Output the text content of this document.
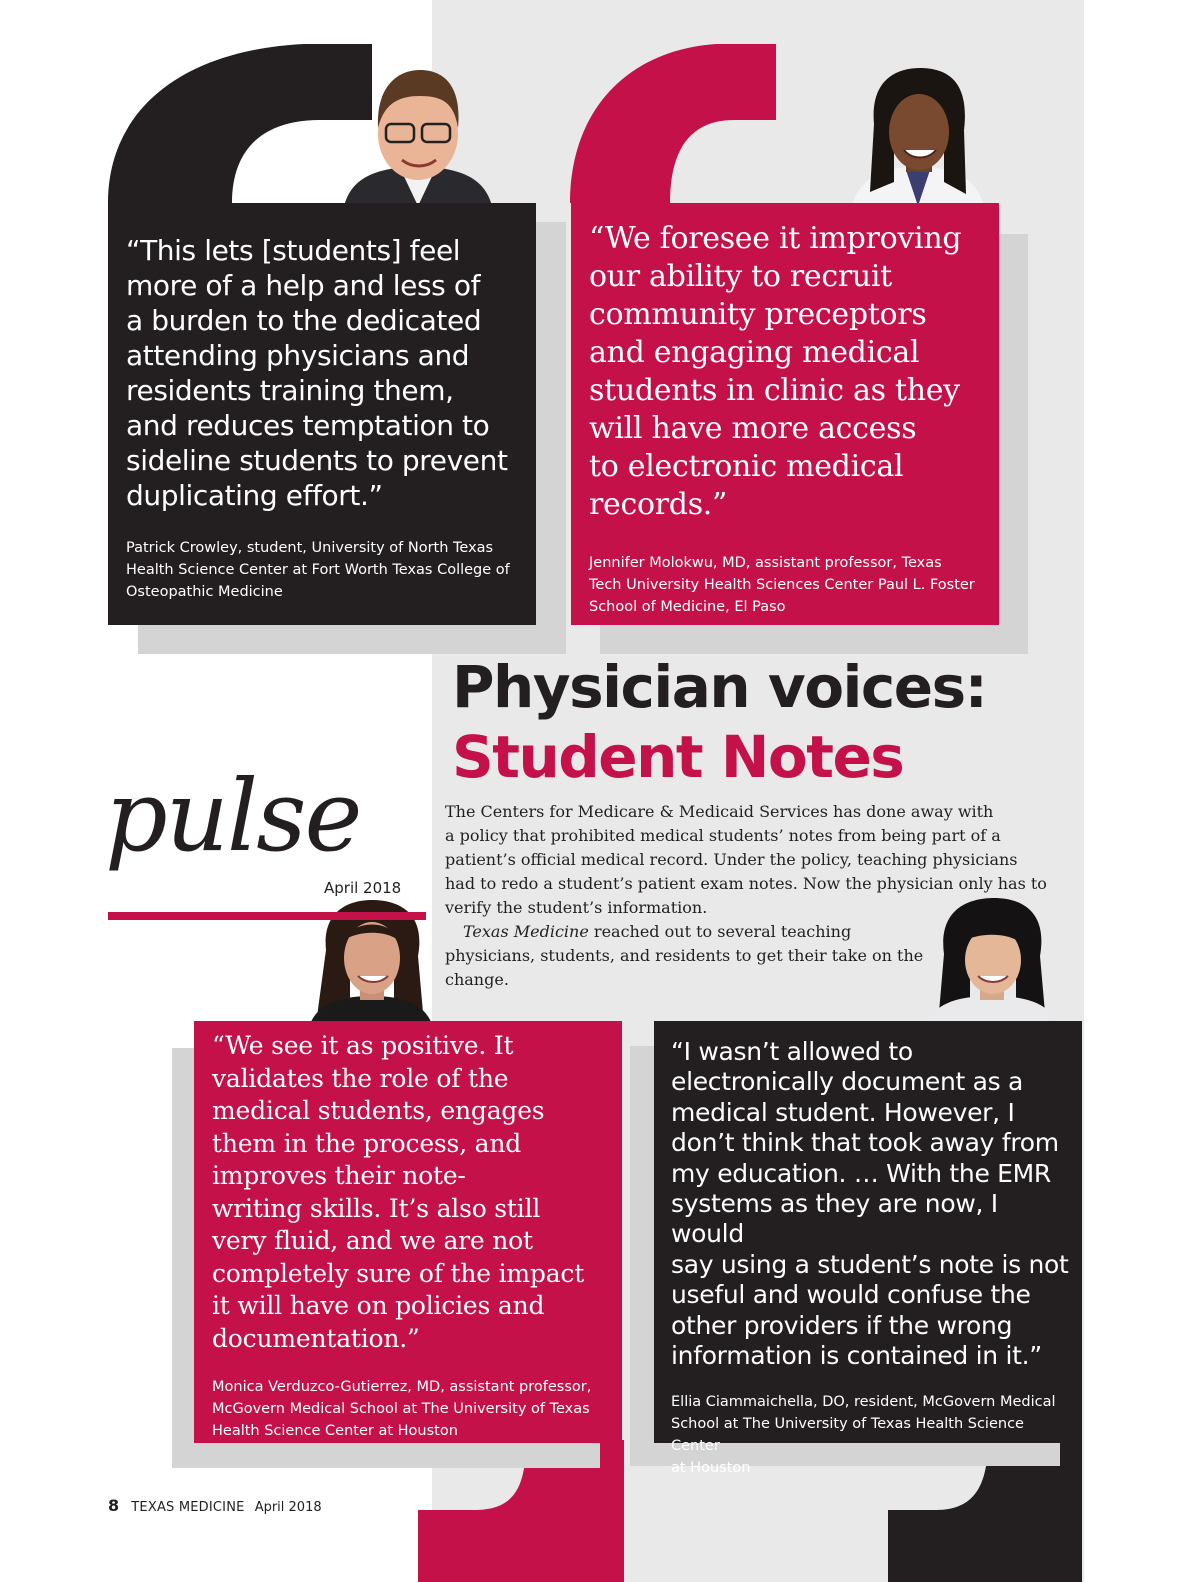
“This lets [students] feel
more of a help and less of
a burden to the dedicated
attending physicians and
residents training them,
and reduces temptation to
sideline students to prevent
duplicating effort.”

Patrick Crowley, student, University of North Texas
Health Science Center at Fort Worth Texas College of
Osteopathic Medicine

“We foresee it improving
our ability to recruit
community preceptors
and engaging medical
students in clinic as they
will have more access
to electronic medical
records.”

Jennifer Molokwu, MD, assistant professor, Texas
Tech University Health Sciences Center Paul L. Foster
School of Medicine, El Paso

Physician voices:
Student Notes
pulse
April 2018

The Centers for Medicare & Medicaid Services has done away with

a policy that prohibited medical students’ notes from being part of a

patient’s official medical record. Under the policy, teaching physicians

had to redo a student’s patient exam notes. Now the physician only has to

verify the student’s information.

Texas Medicine reached out to several teaching

physicians, students, and residents to get their take on the

change.

“We see it as positive. It
validates the role of the
medical students, engages
them in the process, and
improves their note-
writing skills. It’s also still
very fluid, and we are not
completely sure of the impact
it will have on policies and
documentation.”

Monica Verduzco-Gutierrez, MD, assistant professor,
McGovern Medical School at The University of Texas
Health Science Center at Houston

“I wasn’t allowed to
electronically document as a
medical student. However, I
don’t think that took away from
my education. … With the EMR
systems as they are now, I would
say using a student’s note is not
useful and would confuse the
other providers if the wrong
information is contained in it.”

Ellia Ciammaichella, DO, resident, McGovern Medical
School at The University of Texas Health Science Center
at Houston

8 TEXAS MEDICINE April 2018
